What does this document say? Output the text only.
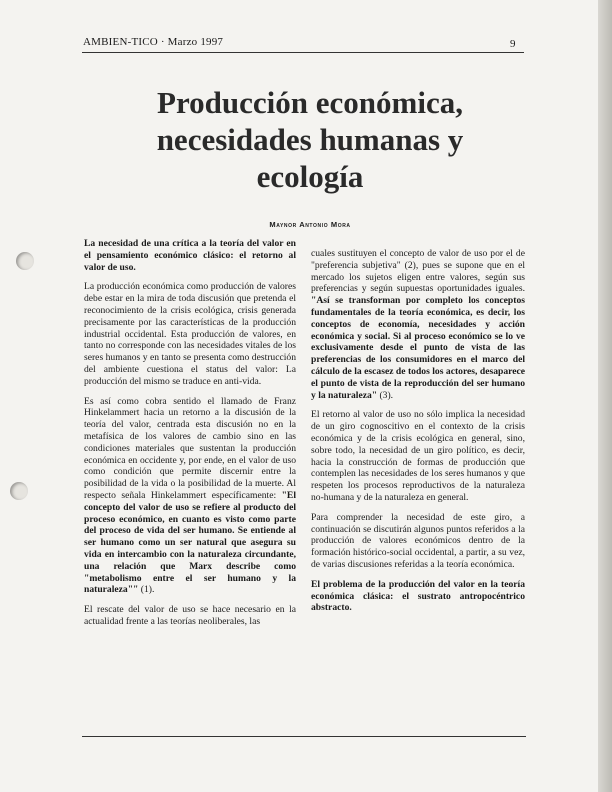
AMBIEN-TICO · Marzo 1997	9
Producción económica,
necesidades humanas y
ecología
Maynor Antonio Mora

La necesidad de una crítica a la teoría del valor en el pensamiento económico clásico: el retorno al valor de uso.

La producción económica como producción de valores debe estar en la mira de toda discusión que pretenda el reconocimiento de la crisis ecológica, crisis generada precisamente por las características de la producción industrial occidental. Esta producción de valores, en tanto no corresponde con las necesidades vitales de los seres humanos y en tanto se presenta como destrucción del ambiente cuestiona el status del valor: La producción del mismo se traduce en anti-vida.

Es así como cobra sentido el llamado de Franz Hinkelammert hacia un retorno a la discusión de la teoría del valor, centrada esta discusión no en la metafísica de los valores de cambio sino en las condiciones materiales que sustentan la producción económica en occidente y, por ende, en el valor de uso como condición que permite discernir entre la posibilidad de la vida o la posibilidad de la muerte. Al respecto señala Hinkelammert específicamente: "El concepto del valor de uso se refiere al producto del proceso económico, en cuanto es visto como parte del proceso de vida del ser humano. Se entiende al ser humano como un ser natural que asegura su vida en intercambio con la naturaleza circundante, una relación que Marx describe como "metabolismo entre el ser humano y la naturaleza"" (1).

El rescate del valor de uso se hace necesario en la actualidad frente a las teorías neoliberales, las

cuales sustituyen el concepto de valor de uso por el de "preferencia subjetiva" (2), pues se supone que en el mercado los sujetos eligen entre valores, según sus preferencias y según supuestas oportunidades iguales. "Así se transforman por completo los conceptos fundamentales de la teoría económica, es decir, los conceptos de economía, necesidades y acción económica y social. Si al proceso económico se lo ve exclusivamente desde el punto de vista de las preferencias de los consumidores en el marco del cálculo de la escasez de todos los actores, desaparece el punto de vista de la reproducción del ser humano y la naturaleza" (3).

El retorno al valor de uso no sólo implica la necesidad de un giro cognoscitivo en el contexto de la crisis económica y de la crisis ecológica en general, sino, sobre todo, la necesidad de un giro político, es decir, hacia la construcción de formas de producción que contemplen las necesidades de los seres humanos y que respeten los procesos reproductivos de la naturaleza no-humana y de la naturaleza en general.

Para comprender la necesidad de este giro, a continuación se discutirán algunos puntos referidos a la producción de valores económicos dentro de la formación histórico-social occidental, a partir, a su vez, de varias discusiones referidas a la teoría económica.

El problema de la producción del valor en la teoría económica clásica: el sustrato antropocéntrico abstracto.
